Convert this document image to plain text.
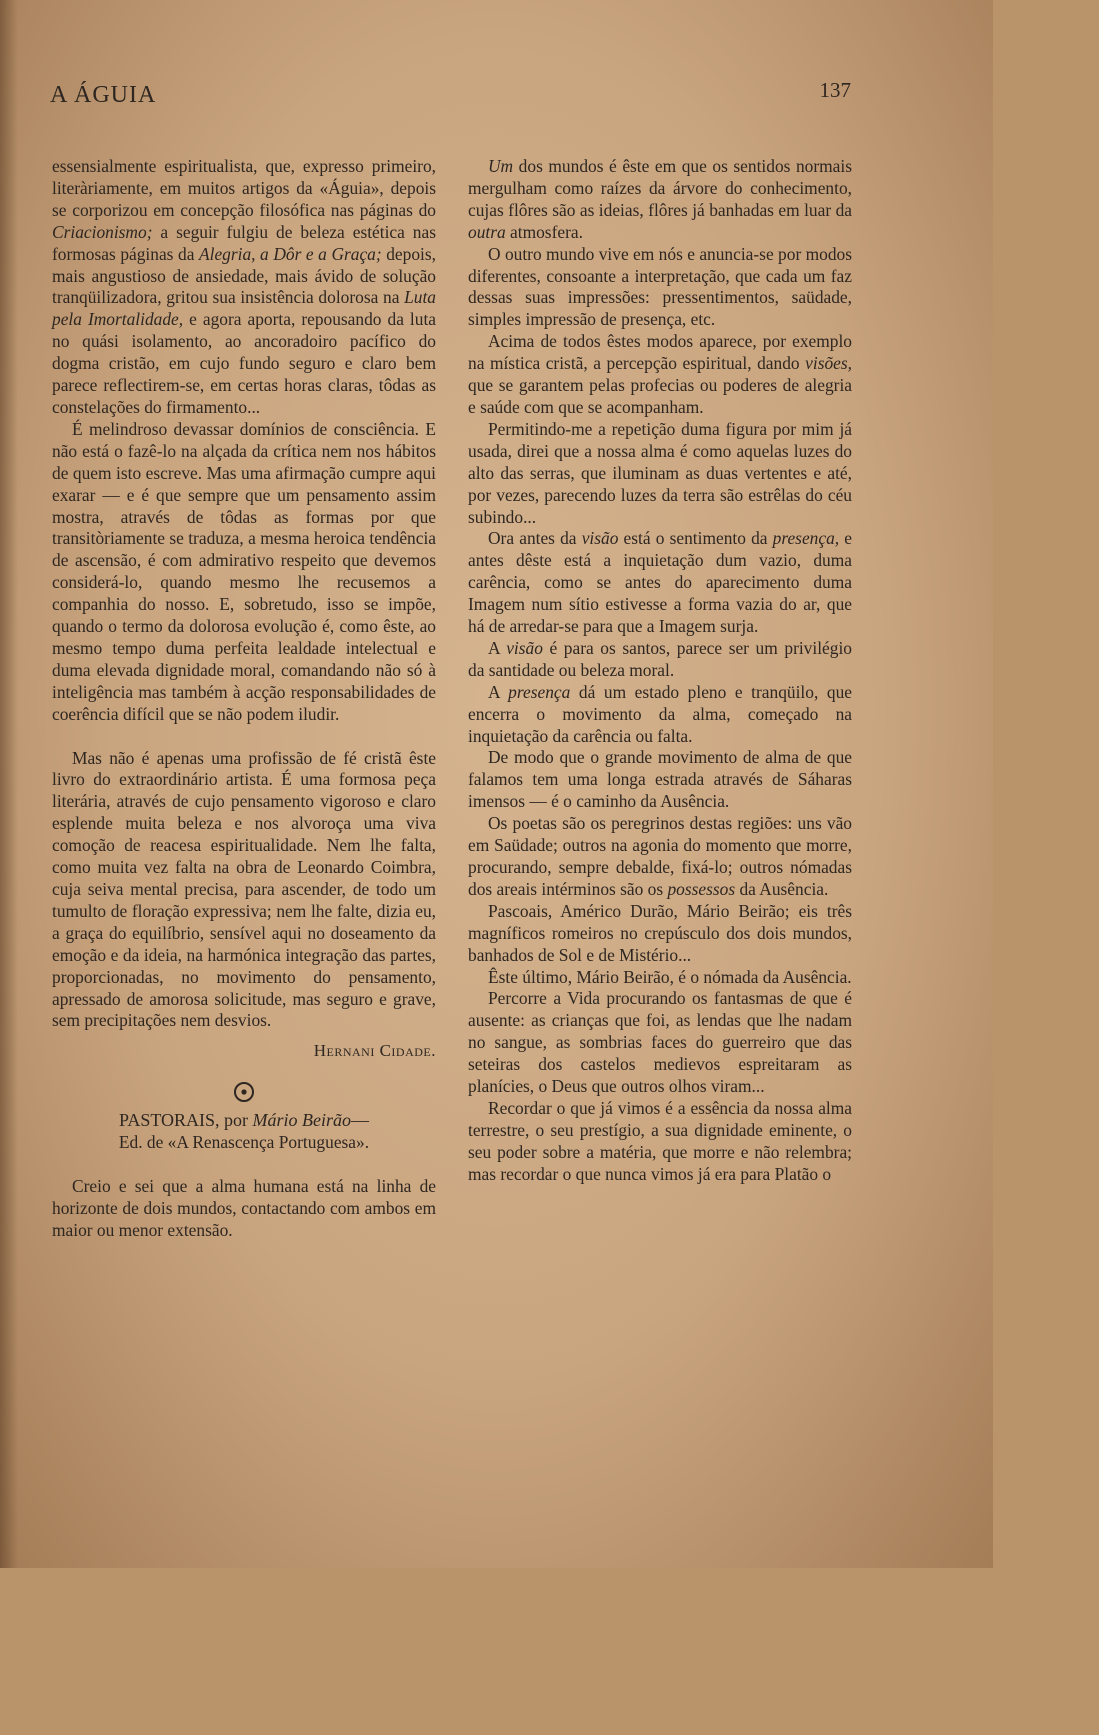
A ÁGUIA	137

essensialmente espiritualista, que, expresso primeiro, literàriamente, em muitos artigos da «Águia», depois se corporizou em concepção filosófica nas páginas do Criacionismo; a seguir fulgiu de beleza estética nas formosas páginas da Alegria, a Dôr e a Graça; depois, mais angustioso de ansiedade, mais ávido de solução tranqüilizadora, gritou sua insistência dolorosa na Luta pela Imortalidade, e agora aporta, repousando da luta no quási isolamento, ao ancoradoiro pacífico do dogma cristão, em cujo fundo seguro e claro bem parece reflectirem-se, em certas horas claras, tôdas as constelações do firmamento...

É melindroso devassar domínios de consciência. E não está o fazê-lo na alçada da crítica nem nos hábitos de quem isto escreve. Mas uma afirmação cumpre aqui exarar — e é que sempre que um pensamento assim mostra, através de tôdas as formas por que transitòriamente se traduza, a mesma heroica tendência de ascensão, é com admirativo respeito que devemos considerá-lo, quando mesmo lhe recusemos a companhia do nosso. E, sobretudo, isso se impõe, quando o termo da dolorosa evolução é, como êste, ao mesmo tempo duma perfeita lealdade intelectual e duma elevada dignidade moral, comandando não só à inteligência mas também à acção responsabilidades de coerência difícil que se não podem iludir.

Mas não é apenas uma profissão de fé cristã êste livro do extraordinário artista. É uma formosa peça literária, através de cujo pensamento vigoroso e claro esplende muita beleza e nos alvoroça uma viva comoção de reacesa espiritualidade. Nem lhe falta, como muita vez falta na obra de Leonardo Coimbra, cuja seiva mental precisa, para ascender, de todo um tumulto de floração expressiva; nem lhe falte, dizia eu, a graça do equilíbrio, sensível aqui no doseamento da emoção e da ideia, na harmónica integração das partes, proporcionadas, no movimento do pensamento, apressado de amorosa solicitude, mas seguro e grave, sem precipitações nem desvios.

Hernani Cidade.

PASTORAIS, por Mário Beirão—

Ed. de «A Renascença Portuguesa».

Creio e sei que a alma humana está na linha de horizonte de dois mundos, contactando com ambos em maior ou menor extensão.

Um dos mundos é êste em que os sentidos normais mergulham como raízes da árvore do conhecimento, cujas flôres são as ideias, flôres já banhadas em luar da outra atmosfera.

O outro mundo vive em nós e anuncia-se por modos diferentes, consoante a interpretação, que cada um faz dessas suas impressões: pressentimentos, saüdade, simples impressão de presença, etc.

Acima de todos êstes modos aparece, por exemplo na mística cristã, a percepção espiritual, dando visões, que se garantem pelas profecias ou poderes de alegria e saúde com que se acompanham.

Permitindo-me a repetição duma figura por mim já usada, direi que a nossa alma é como aquelas luzes do alto das serras, que iluminam as duas vertentes e até, por vezes, parecendo luzes da terra são estrêlas do céu subindo...

Ora antes da visão está o sentimento da presença, e antes dêste está a inquietação dum vazio, duma carência, como se antes do aparecimento duma Imagem num sítio estivesse a forma vazia do ar, que há de arredar-se para que a Imagem surja.

A visão é para os santos, parece ser um privilégio da santidade ou beleza moral.

A presença dá um estado pleno e tranqüilo, que encerra o movimento da alma, começado na inquietação da carência ou falta.

De modo que o grande movimento de alma de que falamos tem uma longa estrada através de Sáharas imensos — é o caminho da Ausência.

Os poetas são os peregrinos destas regiões: uns vão em Saüdade; outros na agonia do momento que morre, procurando, sempre debalde, fixá-lo; outros nómadas dos areais intérminos são os possessos da Ausência.

Pascoais, Américo Durão, Mário Beirão; eis três magníficos romeiros no crepúsculo dos dois mundos, banhados de Sol e de Mistério...

Êste último, Mário Beirão, é o nómada da Ausência.

Percorre a Vida procurando os fantasmas de que é ausente: as crianças que foi, as lendas que lhe nadam no sangue, as sombrias faces do guerreiro que das seteiras dos castelos medievos espreitaram as planícies, o Deus que outros olhos viram...

Recordar o que já vimos é a essência da nossa alma terrestre, o seu prestígio, a sua dignidade eminente, o seu poder sobre a matéria, que morre e não relembra; mas recordar o que nunca vimos já era para Platão o
